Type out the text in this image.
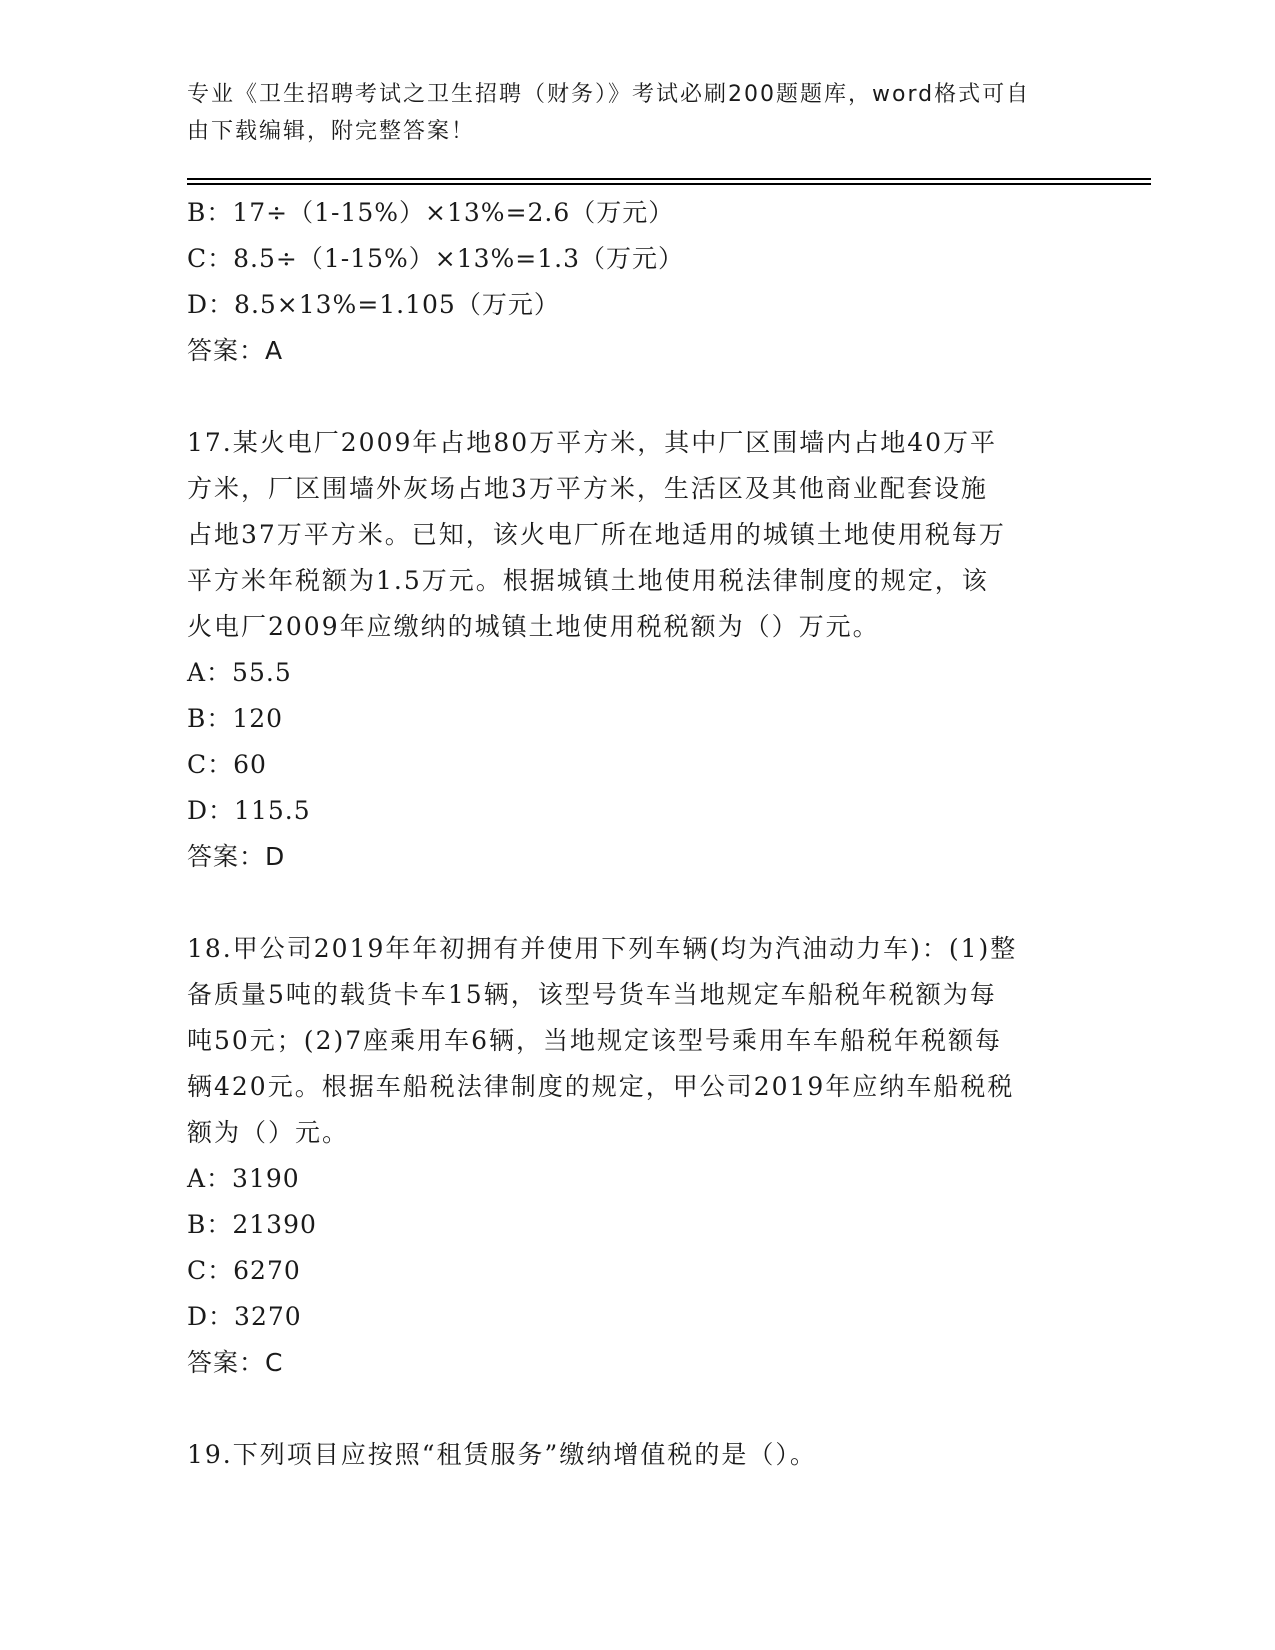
专业《卫生招聘考试之卫生招聘（财务）》考试必刷200题题库，word格式可自
由下载编辑，附完整答案！
B：17÷（1-15%）×13%=2.6（万元）
C：8.5÷（1-15%）×13%=1.3（万元）
D：8.5×13%=1.105（万元）
答案：A
17.某火电厂2009年占地80万平方米，其中厂区围墙内占地40万平
方米，厂区围墙外灰场占地3万平方米，生活区及其他商业配套设施
占地37万平方米。已知，该火电厂所在地适用的城镇土地使用税每万
平方米年税额为1.5万元。根据城镇土地使用税法律制度的规定，该
火电厂2009年应缴纳的城镇土地使用税税额为（）万元。
A：55.5
B：120
C：60
D：115.5
答案：D
18.甲公司2019年年初拥有并使用下列车辆(均为汽油动力车)：(1)整
备质量5吨的载货卡车15辆，该型号货车当地规定车船税年税额为每
吨50元；(2)7座乘用车6辆，当地规定该型号乘用车车船税年税额每
辆420元。根据车船税法律制度的规定，甲公司2019年应纳车船税税
额为（）元。
A：3190
B：21390
C：6270
D：3270
答案：C
19.下列项目应按照“租赁服务”缴纳增值税的是（）。
